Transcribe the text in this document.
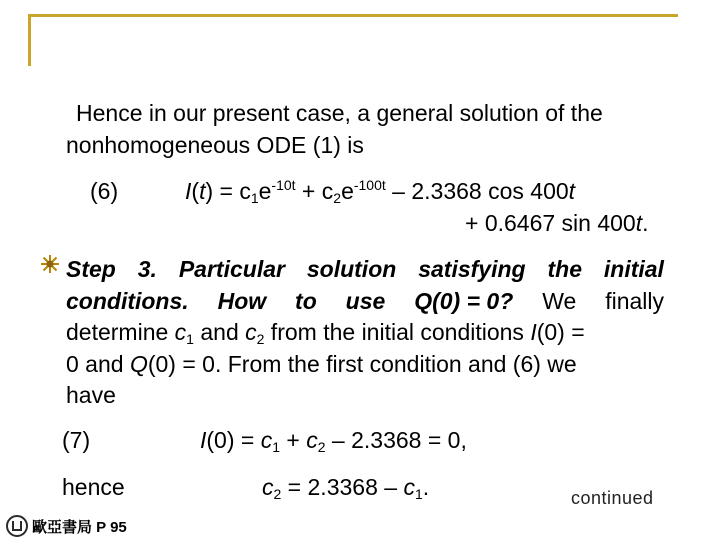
Hence in our present case, a general solution of the
nonhomogeneous ODE (1) is
(6)	$I(t) = c_1e^{-10t} + c_2e^{-100t} - 2.3368$ cos 400t
+ 0.6467 sin 400t.
Step 3. Particular solution satisfying the initial
conditions. How to use Q(0) = 0? We finally
determine $c_1$ and $c_2$ from the initial conditions I(0) =
0 and Q(0) = 0. From the first condition and (6) we
have
(7)	$I(0) = c_1 + c_2 - 2.3368 = 0$,
hence	$c_2 = 2.3368 - c_1$.	continued
歐亞書局 P 95
